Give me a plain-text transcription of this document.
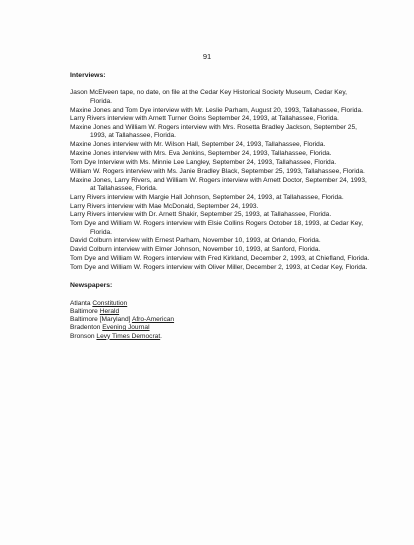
91

Interviews:

Jason McElveen tape, no date, on file at the Cedar Key Historical Society Museum, Cedar Key, Florida.
Maxine Jones and Tom Dye interview with Mr. Leslie Parham, August 20, 1993, Tallahassee, Florida.
Larry Rivers interview with Arnett Turner Goins September 24, 1993, at Tallahassee, Florida.
Maxine Jones and William W. Rogers interview with Mrs. Rosetta Bradley Jackson, September 25, 1993, at Tallahassee, Florida.
Maxine Jones interview with Mr. Wilson Hall, September 24, 1993, Tallahassee, Florida.
Maxine Jones interview with Mrs. Eva Jenkins, September 24, 1993, Tallahassee, Florida.
Tom Dye Interview with Ms. Minnie Lee Langley, September 24, 1993, Tallahassee, Florida.
William W. Rogers interview with Ms. Janie Bradley Black, September 25, 1993, Tallahassee, Florida.
Maxine Jones, Larry Rivers, and William W. Rogers interview with Arnett Doctor, September 24, 1993, at Tallahassee, Florida.
Larry Rivers interview with Margie Hall Johnson, September 24, 1993, at Tallahassee, Florida.
Larry Rivers interview with Mae McDonald, September 24, 1993.
Larry Rivers interview with Dr. Arnett Shakir, September 25, 1993, at Tallahassee, Florida.
Tom Dye and William W. Rogers interview with Elsie Collins Rogers October 18, 1993, at Cedar Key, Florida.
David Colburn interview with Ernest Parham, November 10, 1993, at Orlando, Florida.
David Colburn interview with Elmer Johnson, November 10, 1993, at Sanford, Florida.
Tom Dye and William W. Rogers interview with Fred Kirkland, December 2, 1993, at Chiefland, Florida.
Tom Dye and William W. Rogers interview with Oliver Miller, December 2, 1993, at Cedar Key, Florida.

Newspapers:

Atlanta Constitution
Baltimore Herald
Baltimore [Maryland] Afro-American
Bradenton Evening Journal
Bronson Levy Times Democrat.
